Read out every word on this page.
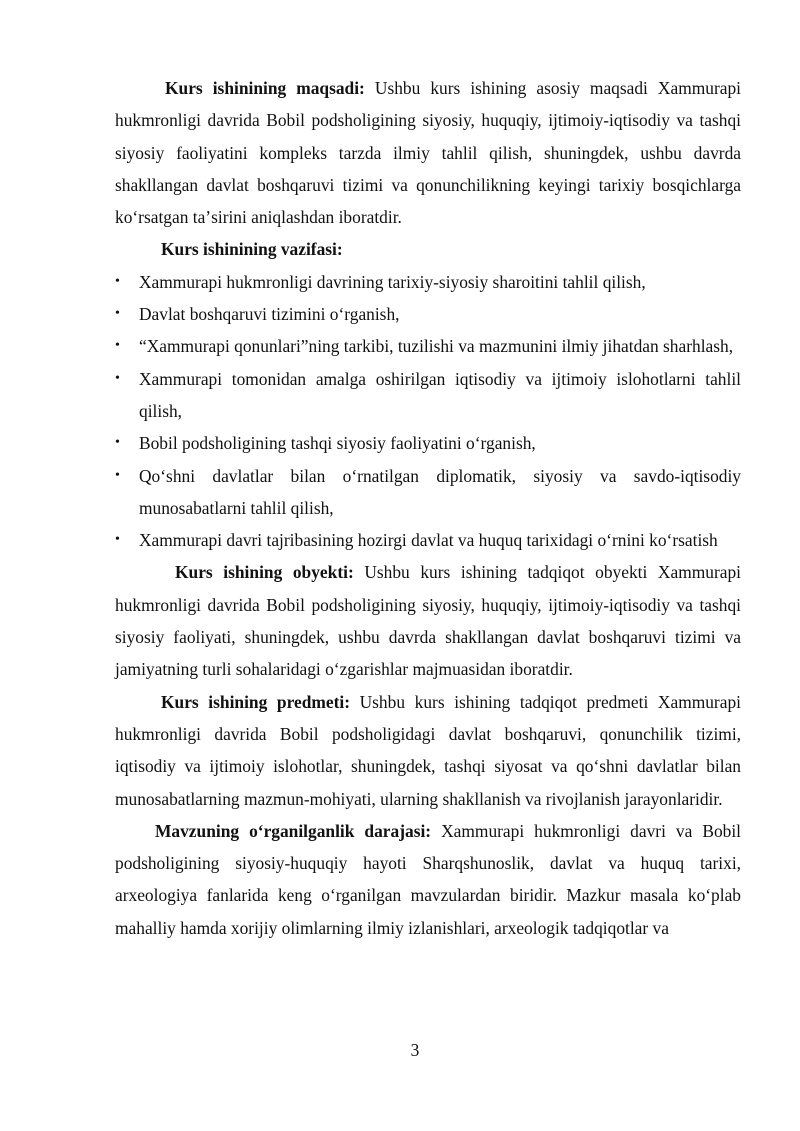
Kurs ishinining maqsadi: Ushbu kurs ishining asosiy maqsadi Xammurapi hukmronligi davrida Bobil podsholigining siyosiy, huquqiy, ijtimoiy-iqtisodiy va tashqi siyosiy faoliyatini kompleks tarzda ilmiy tahlil qilish, shuningdek, ushbu davrda shakllangan davlat boshqaruvi tizimi va qonunchilikning keyingi tarixiy bosqichlarga koʻrsatgan taʼsirini aniqlashdan iboratdir.

Kurs ishinining vazifasi:

• Xammurapi hukmronligi davrining tarixiy-siyosiy sharoitini tahlil qilish,
• Davlat boshqaruvi tizimini oʻrganish,
• “Xammurapi qonunlari”ning tarkibi, tuzilishi va mazmunini ilmiy jihatdan sharhlash,
• Xammurapi tomonidan amalga oshirilgan iqtisodiy va ijtimoiy islohotlarni tahlil qilish,
• Bobil podsholigining tashqi siyosiy faoliyatini oʻrganish,
• Qoʻshni davlatlar bilan oʻrnatilgan diplomatik, siyosiy va savdo-iqtisodiy munosabatlarni tahlil qilish,
• Xammurapi davri tajribasining hozirgi davlat va huquq tarixidagi oʻrnini koʻrsatish

Kurs ishining obyekti: Ushbu kurs ishining tadqiqot obyekti Xammurapi hukmronligi davrida Bobil podsholigining siyosiy, huquqiy, ijtimoiy-iqtisodiy va tashqi siyosiy faoliyati, shuningdek, ushbu davrda shakllangan davlat boshqaruvi tizimi va jamiyatning turli sohalaridagi oʻzgarishlar majmuasidan iboratdir.

Kurs ishining predmeti: Ushbu kurs ishining tadqiqot predmeti Xammurapi hukmronligi davrida Bobil podsholigidagi davlat boshqaruvi, qonunchilik tizimi, iqtisodiy va ijtimoiy islohotlar, shuningdek, tashqi siyosat va qoʻshni davlatlar bilan munosabatlarning mazmun-mohiyati, ularning shakllanish va rivojlanish jarayonlaridir.

Mavzuning oʻrganilganlik darajasi: Xammurapi hukmronligi davri va Bobil podsholigining siyosiy-huquqiy hayoti Sharqshunoslik, davlat va huquq tarixi, arxeologiya fanlarida keng oʻrganilgan mavzulardan biridir. Mazkur masala koʻplab mahalliy hamda xorijiy olimlarning ilmiy izlanishlari, arxeologik tadqiqotlar va

3
